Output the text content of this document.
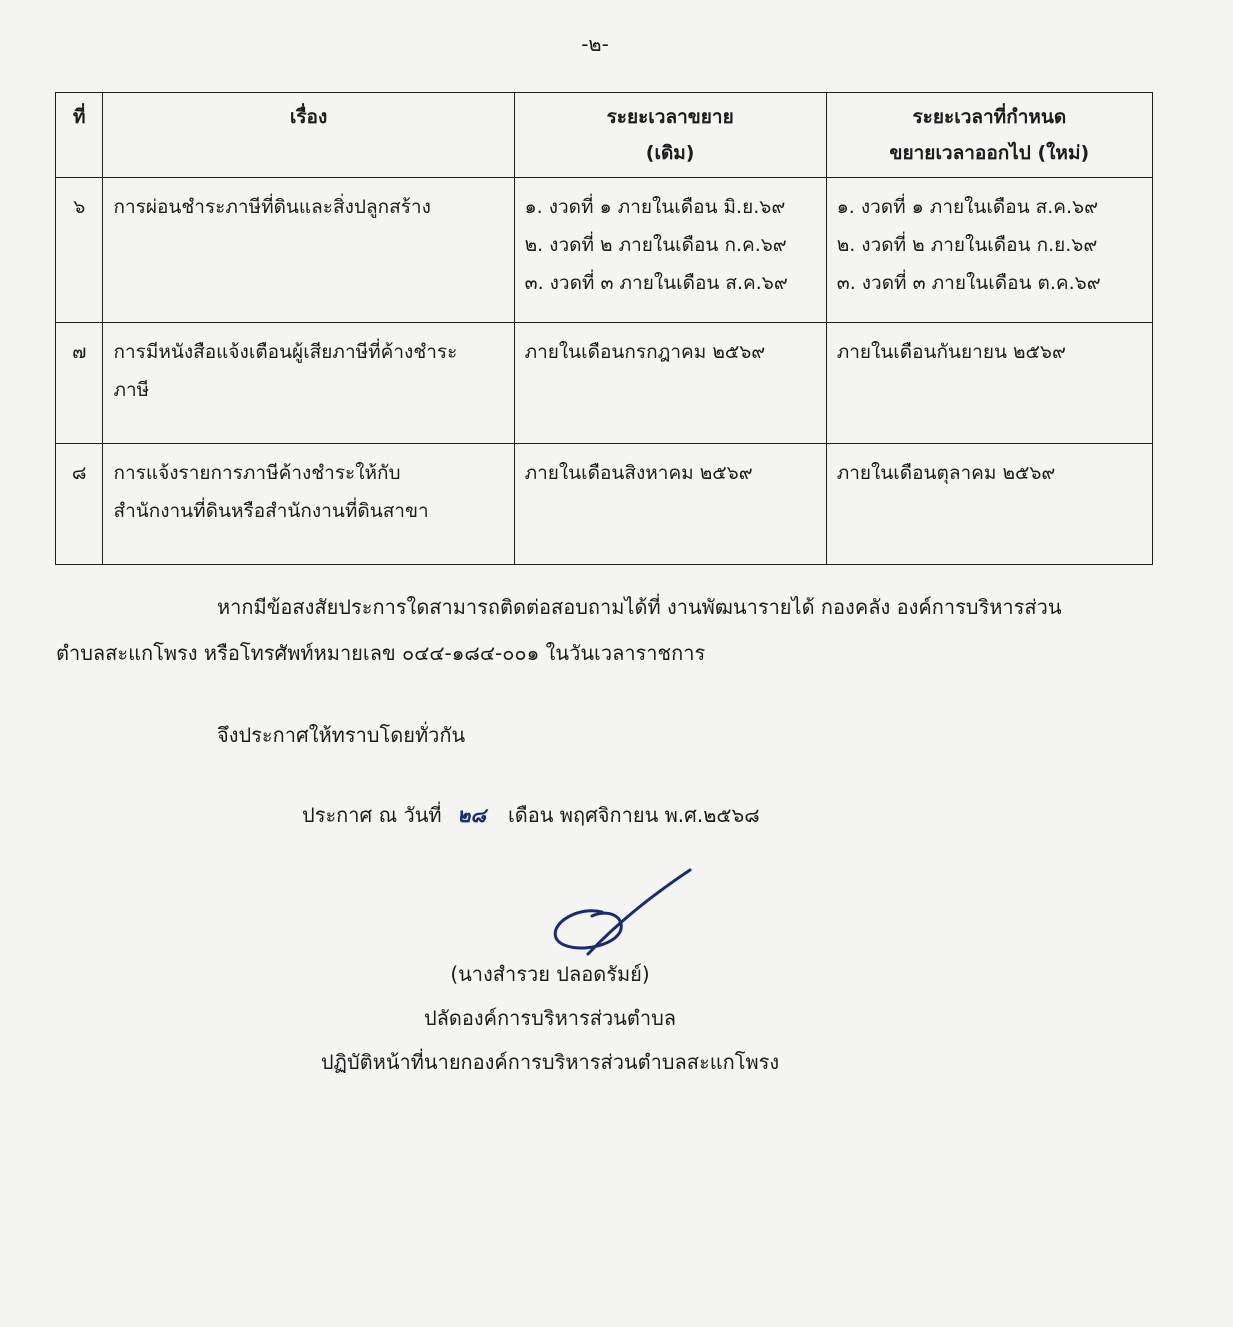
-๒-
ที่	เรื่อง	ระยะเวลาขยาย
(เดิม)	ระยะเวลาที่กำหนด
ขยายเวลาออกไป (ใหม่)

๖	การผ่อนชำระภาษีที่ดินและสิ่งปลูกสร้าง	๑. งวดที่ ๑ ภายในเดือน มิ.ย.๖๙
๒. งวดที่ ๒ ภายในเดือน ก.ค.๖๙
๓. งวดที่ ๓ ภายในเดือน ส.ค.๖๙	๑. งวดที่ ๑ ภายในเดือน ส.ค.๖๙
๒. งวดที่ ๒ ภายในเดือน ก.ย.๖๙
๓. งวดที่ ๓ ภายในเดือน ต.ค.๖๙

๗	การมีหนังสือแจ้งเตือนผู้เสียภาษีที่ค้างชำระ
ภาษี	ภายในเดือนกรกฎาคม ๒๕๖๙	ภายในเดือนกันยายน ๒๕๖๙

๘	การแจ้งรายการภาษีค้างชำระให้กับ
สำนักงานที่ดินหรือสำนักงานที่ดินสาขา	ภายในเดือนสิงหาคม ๒๕๖๙	ภายในเดือนตุลาคม ๒๕๖๙
หากมีข้อสงสัยประการใดสามารถติดต่อสอบถามได้ที่ งานพัฒนารายได้ กองคลัง องค์การบริหารส่วน
ตำบลสะแกโพรง หรือโทรศัพท์หมายเลข ๐๔๔-๑๘๔-๐๐๑ ในวันเวลาราชการ
จึงประกาศให้ทราบโดยทั่วกัน
ประกาศ ณ วันที่ ๒๘ เดือน พฤศจิกายน พ.ศ.๒๕๖๘
(นางสำรวย ปลอดรัมย์)
ปลัดองค์การบริหารส่วนตำบล
ปฏิบัติหน้าที่นายกองค์การบริหารส่วนตำบลสะแกโพรง
